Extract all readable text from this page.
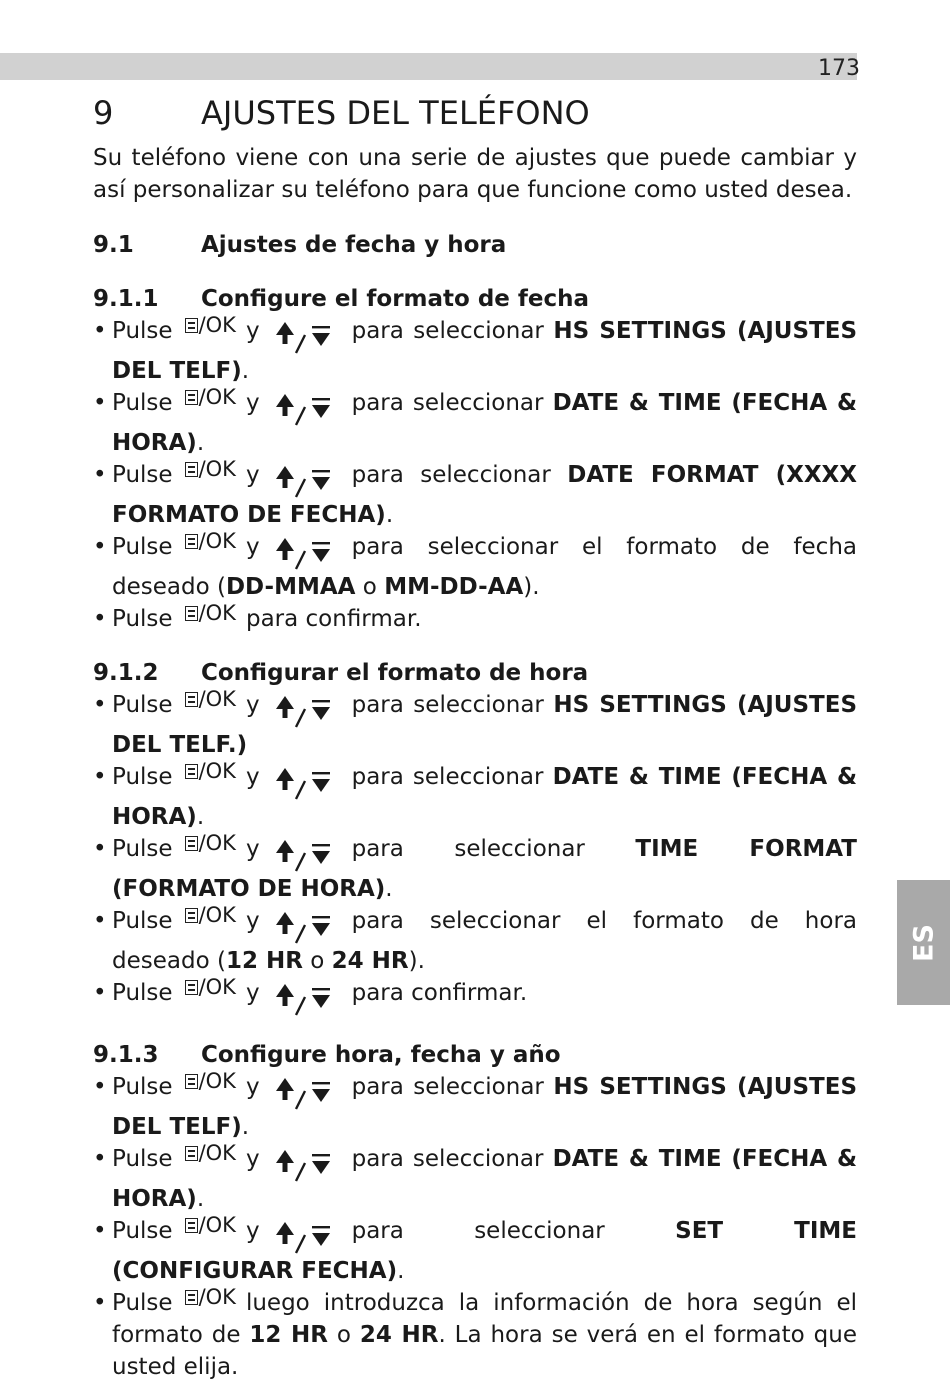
173
ES
9	AJUSTES DEL TELÉFONO

Su teléfono viene con una serie de ajustes que puede cambiar y así personalizar su teléfono para que funcione como usted desea.

9.1	Ajustes de fecha y hora
9.1.1	Configure el formato de fecha
• Pulse /OK y	para seleccionar HS SETTINGS (AJUSTES DEL TELF).
• Pulse /OK y	para seleccionar DATE & TIME (FECHA & HORA).
• Pulse /OK y	para seleccionar DATE FORMAT (XXXX FORMATO DE FECHA).
• Pulse /OK y	para seleccionar el formato de fecha deseado (DD-MMAA o MM-DD-AA).
• Pulse /OK para confirmar.
9.1.2	Configurar el formato de hora
• Pulse /OK y	para seleccionar HS SETTINGS (AJUSTES DEL TELF.)
• Pulse /OK y	para seleccionar DATE & TIME (FECHA & HORA).
• Pulse /OK y	para seleccionar TIME FORMAT (FORMATO DE HORA).
• Pulse /OK y	para seleccionar el formato de hora deseado (12 HR o 24 HR).
• Pulse /OK y	para confirmar.
9.1.3	Configure hora, fecha y año
• Pulse /OK y	para seleccionar HS SETTINGS (AJUSTES DEL TELF).
• Pulse /OK y	para seleccionar DATE & TIME (FECHA & HORA).
• Pulse /OK y	para seleccionar	SET TIME (CONFIGURAR FECHA).
• Pulse /OK luego introduzca la información de hora según el formato de 12 HR o 24 HR. La hora se verá en el formato que usted elija.
